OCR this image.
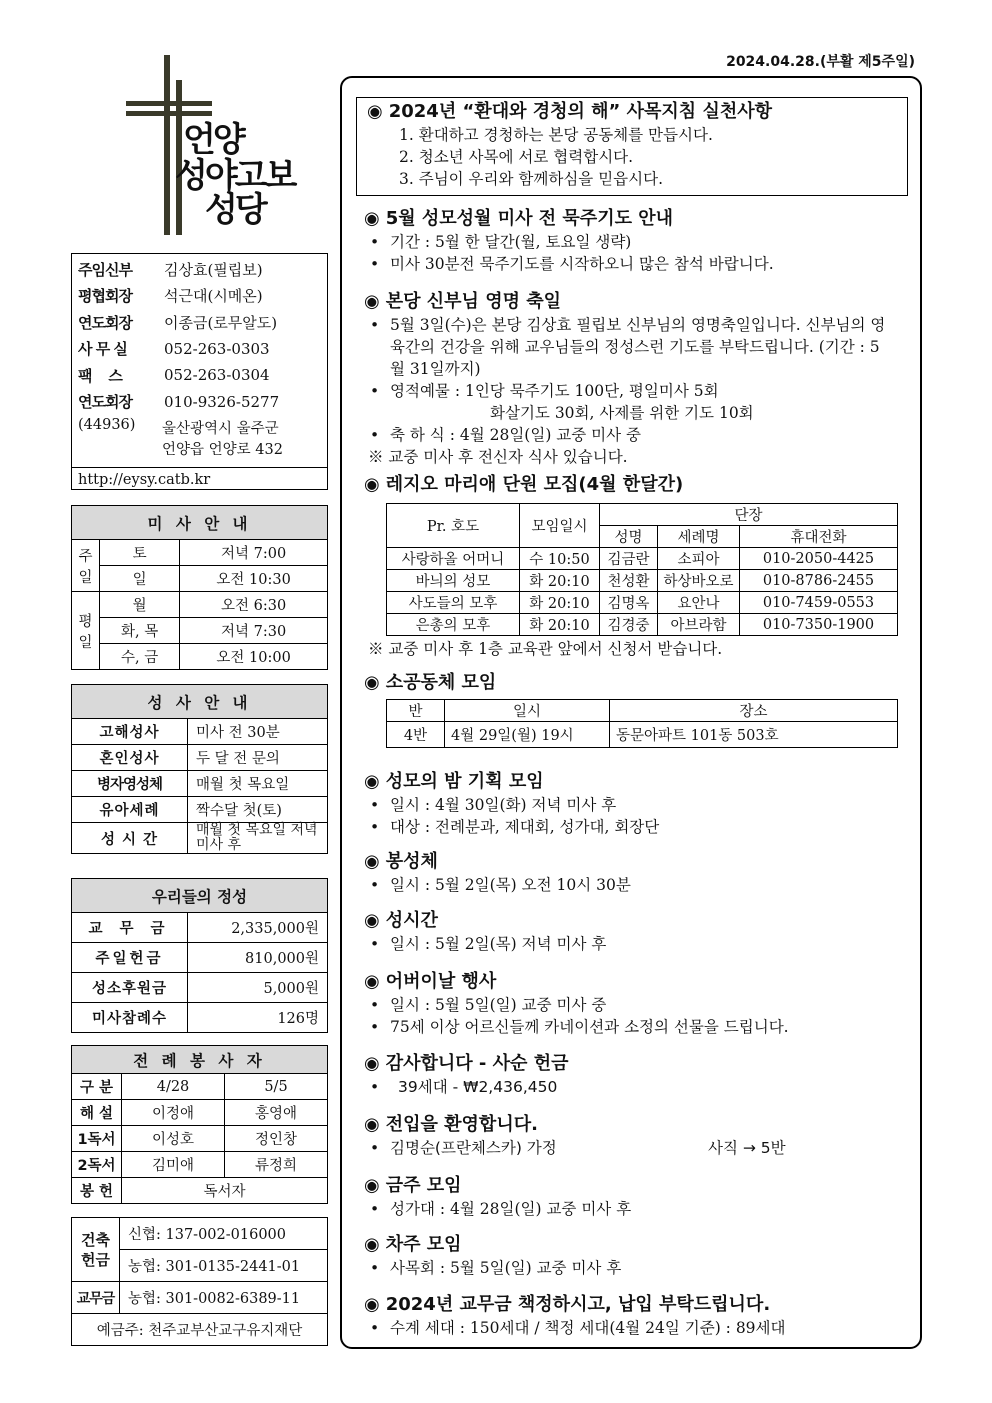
2024.04.28.(부활 제5주일)
언양
성야고보
성당
주임신부	김상효(필립보)
평협회장	석근대(시메온)
연도회장	이종금(로무알도)
사 무 실	052-263-0303
팩    스	052-263-0304
연도회장	010-9326-5277
(44936)	울산광역시 울주군
언양읍 언양로 432
http://eysy.catb.kr
미 사 안 내		
주일	토	저녁 7:00
	일	오전 10:30
평일	월	오전 6:30
	화, 목	저녁 7:30
	수, 금	오전 10:00
성 사 안 내	
고해성사	미사 전 30분
혼인성사	두 달 전 문의
병자영성체	매월 첫 목요일
유아세례	짝수달 첫(토)
성 시 간	매월 첫 목요일 저녁미사 후
우리들의 정성	
교 무 금	2,335,000원
주일헌금	810,000원
성소후원금	5,000원
미사참례수	126명
전 례 봉 사 자		
구 분	4/28	5/5
해 설	이정애	홍영애
1독서	이성호	정인창
2독서	김미애	류정희
봉 헌	독서자	
건축헌금	신협: 137-002-016000
	농협: 301-0135-2441-01
교무금	농협: 301-0082-6389-11
예금주: 천주교부산교구유지재단	
◉ 2024년 “환대와 경청의 해” 사목지침 실천사항
1. 환대하고 경청하는 본당 공동체를 만듭시다.
2. 청소년 사목에 서로 협력합시다.
3. 주님이 우리와 함께하심을 믿읍시다.
◉ 5월 성모성월 미사 전 묵주기도 안내
• 기간 : 5월 한 달간(월, 토요일 생략)
• 미사 30분전 묵주기도를 시작하오니 많은 참석 바랍니다.
◉ 본당 신부님 영명 축일
• 5월 3일(수)은 본당 김상효 필립보 신부님의 영명축일입니다. 신부님의 영육간의 건강을 위해 교우님들의 정성스런 기도를 부탁드립니다. (기간 : 5월 31일까지)
• 영적예물 : 1인당 묵주기도 100단, 평일미사 5회
화살기도 30회, 사제를 위한 기도 10회
• 축 하 식 : 4월 28일(일) 교중 미사 중
※ 교중 미사 후 전신자 식사 있습니다.
◉ 레지오 마리애 단원 모집(4월 한달간)
Pr. 호도	모임일시	단장		
		성명	세례명	휴대전화
사랑하올 어머니	수 10:50	김금란	소피아	010-2050-4425
바늬의 성모	화 20:10	천성환	하상바오로	010-8786-2455
사도들의 모후	화 20:10	김명옥	요안나	010-7459-0553
은총의 모후	화 20:10	김경중	아브라함	010-7350-1900
※ 교중 미사 후 1층 교육관 앞에서 신청서 받습니다.
◉ 소공동체 모임
반	일시	장소
4반	4월 29일(월) 19시	동문아파트 101동 503호
◉ 성모의 밤 기획 모임
• 일시 : 4월 30일(화) 저녁 미사 후
• 대상 : 전례분과, 제대회, 성가대, 회장단
◉ 봉성체
• 일시 : 5월 2일(목) 오전 10시 30분
◉ 성시간
• 일시 : 5월 2일(목) 저녁 미사 후
◉ 어버이날 행사
• 일시 : 5월 5일(일) 교중 미사 중
• 75세 이상 어르신들께 카네이션과 소정의 선물을 드립니다.
◉ 감사합니다 - 사순 헌금
• 39세대 - ₩2,436,450
◉ 전입을 환영합니다.
• 김명순(프란체스카) 가정	사직 → 5반
◉ 금주 모임
• 성가대 : 4월 28일(일) 교중 미사 후
◉ 차주 모임
• 사목회 : 5월 5일(일) 교중 미사 후
◉ 2024년 교무금 책정하시고, 납입 부탁드립니다.
• 수계 세대 : 150세대 / 책정 세대(4월 24일 기준) : 89세대
